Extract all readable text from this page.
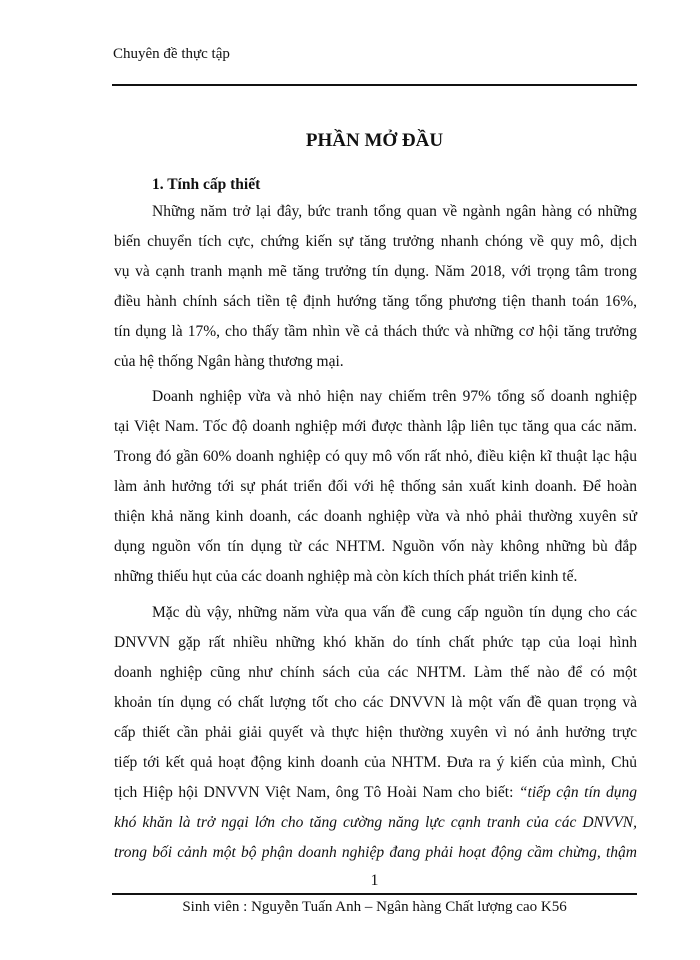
Chuyên đề thực tập
PHẦN MỞ ĐẦU
1. Tính cấp thiết
Những năm trở lại đây, bức tranh tổng quan về ngành ngân hàng có những
biến chuyển tích cực, chứng kiến sự tăng trưởng nhanh chóng về quy mô, dịch
vụ và cạnh tranh mạnh mẽ tăng trưởng tín dụng. Năm 2018, với trọng tâm trong
điều hành chính sách tiền tệ định hướng tăng tổng phương tiện thanh toán 16%,
tín dụng là 17%, cho thấy tầm nhìn về cả thách thức và những cơ hội tăng trưởng
của hệ thống Ngân hàng thương mại.
Doanh nghiệp vừa và nhỏ hiện nay chiếm trên 97% tổng số doanh nghiệp
tại Việt Nam. Tốc độ doanh nghiệp mới được thành lập liên tục tăng qua các năm.
Trong đó gần 60% doanh nghiệp có quy mô vốn rất nhỏ, điều kiện kĩ thuật lạc hậu
làm ảnh hưởng tới sự phát triển đối với hệ thống sản xuất kinh doanh. Để hoàn
thiện khả năng kinh doanh, các doanh nghiệp vừa và nhỏ phải thường xuyên sử
dụng nguồn vốn tín dụng từ các NHTM. Nguồn vốn này không những bù đắp
những thiếu hụt của các doanh nghiệp mà còn kích thích phát triển kinh tế.
Mặc dù vậy, những năm vừa qua vấn đề cung cấp nguồn tín dụng cho các
DNVVN gặp rất nhiều những khó khăn do tính chất phức tạp của loại hình
doanh nghiệp cũng như chính sách của các NHTM. Làm thế nào để có một
khoản tín dụng có chất lượng tốt cho các DNVVN là một vấn đề quan trọng và
cấp thiết cần phải giải quyết và thực hiện thường xuyên vì nó ảnh hưởng trực
tiếp tới kết quả hoạt động kinh doanh của NHTM. Đưa ra ý kiến của mình, Chủ
tịch Hiệp hội DNVVN Việt Nam, ông Tô Hoài Nam cho biết: “tiếp cận tín dụng
khó khăn là trở ngại lớn cho tăng cường năng lực cạnh tranh của các DNVVN,
trong bối cảnh một bộ phận doanh nghiệp đang phải hoạt động cầm chừng, thậm
1
Sinh viên : Nguyễn Tuấn Anh – Ngân hàng Chất lượng cao K56
